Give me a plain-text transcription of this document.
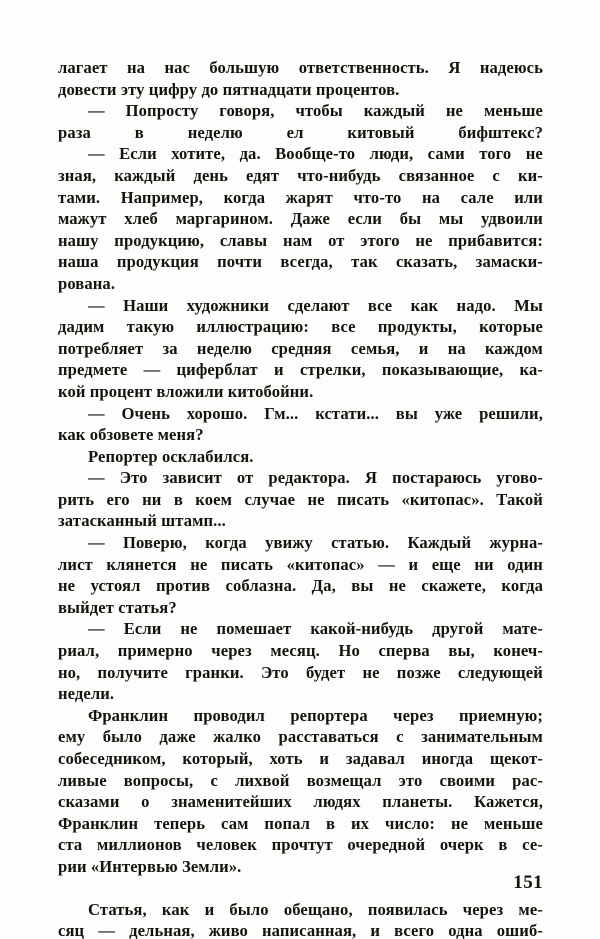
лагает на нас большую ответственность. Я надеюсь
довести эту цифру до пятнадцати процентов.
— Попросту говоря, чтобы каждый не меньше
раза	в	неделю	ел	китовый	бифштекс?
— Если хотите, да. Вообще-то люди, сами того не
зная, каждый день едят что-нибудь связанное с ки-
тами. Например, когда жарят что-то на сале или
мажут хлеб маргарином. Даже если бы мы удвоили
нашу продукцию, славы нам от этого не прибавится:
наша продукция почти всегда, так сказать, замаски-
рована.
— Наши художники сделают все как надо. Мы
дадим такую иллюстрацию: все продукты, которые
потребляет за неделю средняя семья, и на каждом
предмете — циферблат и стрелки, показывающие, ка-
кой процент вложили китобойни.
— Очень хорошо. Гм... кстати... вы уже решили,
как обзовете меня?
Репортер осклабился.
— Это зависит от редактора. Я постараюсь угово-
рить его ни в коем случае не писать «китопас». Такой
затасканный штамп...
— Поверю, когда увижу статью. Каждый журна-
лист клянется не писать «китопас» — и еще ни один
не устоял против соблазна. Да, вы не скажете, когда
выйдет статья?
— Если не помешает какой-нибудь другой мате-
риал, примерно через месяц. Но сперва вы, конеч-
но, получите гранки. Это будет не позже следующей
недели.
Франклин проводил репортера через приемную;
ему было даже жалко расставаться с занимательным
собеседником, который, хоть и задавал иногда щекот-
ливые вопросы, с лихвой возмещал это своими рас-
сказами о знаменитейших людях планеты. Кажется,
Франклин теперь сам попал в их число: не меньше
ста миллионов человек прочтут очередной очерк в се-
рии «Интервью Земли».
Статья, как и было обещано, появилась через ме-
сяц — дельная, живо написанная, и всего одна ошиб-
151
